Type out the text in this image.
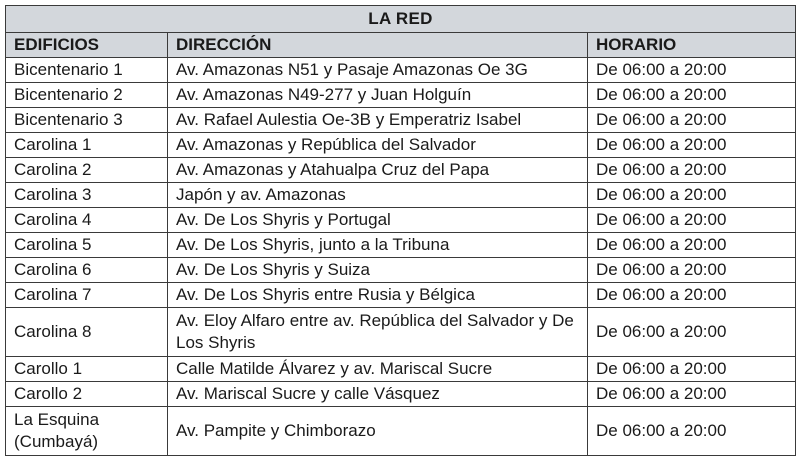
LA RED		
EDIFICIOS	DIRECCIÓN	HORARIO
Bicentenario 1	Av. Amazonas N51 y Pasaje Amazonas Oe 3G	De 06:00 a 20:00
Bicentenario 2	Av. Amazonas N49-277 y Juan Holguín	De 06:00 a 20:00
Bicentenario 3	Av. Rafael Aulestia Oe-3B y Emperatriz Isabel	De 06:00 a 20:00
Carolina 1	Av. Amazonas y República del Salvador	De 06:00 a 20:00
Carolina 2	Av. Amazonas y Atahualpa Cruz del Papa	De 06:00 a 20:00
Carolina 3	Japón y av. Amazonas	De 06:00 a 20:00
Carolina 4	Av. De Los Shyris y Portugal	De 06:00 a 20:00
Carolina 5	Av. De Los Shyris, junto a la Tribuna	De 06:00 a 20:00
Carolina 6	Av. De Los Shyris y Suiza	De 06:00 a 20:00
Carolina 7	Av. De Los Shyris entre Rusia y Bélgica	De 06:00 a 20:00
Carolina 8	Av. Eloy Alfaro entre av. República del Salvador y De Los Shyris	De 06:00 a 20:00
Carollo 1	Calle Matilde Álvarez y av. Mariscal Sucre	De 06:00 a 20:00
Carollo 2	Av. Mariscal Sucre y calle Vásquez	De 06:00 a 20:00
La Esquina (Cumbayá)	Av. Pampite y Chimborazo	De 06:00 a 20:00
